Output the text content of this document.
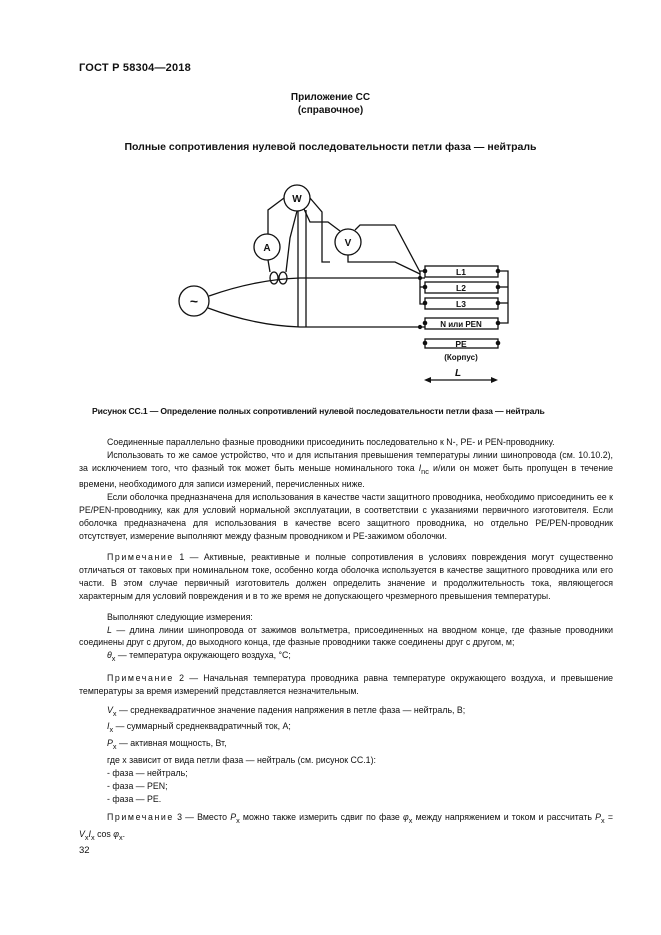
ГОСТ Р 58304—2018
Приложение СС
(справочное)
Полные сопротивления нулевой последовательности петли фаза — нейтраль
W
A	V
~
L1
L2
L3
N или PEN
PE
(Корпус)
L
Рисунок СС.1 — Определение полных сопротивлений нулевой последовательности петли фаза — нейтраль

Соединенные параллельно фазные проводники присоединить последовательно к N-, PE- и PEN-проводнику.

Использовать то же самое устройство, что и для испытания превышения температуры линии шинопровода (см. 10.10.2), за исключением того, что фазный ток может быть меньше номинального тока $I_{nc}$ и/или он может быть пропущен в течение времени, необходимого для записи измерений, перечисленных ниже.

Если оболочка предназначена для использования в качестве части защитного проводника, необходимо присоединить ее к PE/PEN-проводнику, как для условий нормальной эксплуатации, в соответствии с указаниями первичного изготовителя. Если оболочка предназначена для использования в качестве всего защитного проводника, но отдельно PE/PEN-проводник отсутствует, измерение выполняют между фазным проводником и PE-зажимом оболочки.

Примечание 1 — Активные, реактивные и полные сопротивления в условиях повреждения могут существенно отличаться от таковых при номинальном токе, особенно когда оболочка используется в качестве защитного проводника или его части. В этом случае первичный изготовитель должен определить значение и продолжительность тока, являющегося характерным для условий повреждения и в то же время не допускающего чрезмерного превышения температуры.

Выполняют следующие измерения:

L — длина линии шинопровода от зажимов вольтметра, присоединенных на вводном конце, где фазные проводники соединены друг с другом, до выходного конца, где фазные проводники также соединены друг с другом, м;

$\theta_x$ — температура окружающего воздуха, °C;

Примечание 2 — Начальная температура проводника равна температуре окружающего воздуха, и превышение температуры за время измерений представляется незначительным.

$V_x$ — среднеквадратичное значение падения напряжения в петле фаза — нейтраль, В;

$I_x$ — суммарный среднеквадратичный ток, А;

$P_x$ — активная мощность, Вт,

где x зависит от вида петли фаза — нейтраль (см. рисунок СС.1):

- фаза — нейтраль;

- фаза — PEN;

- фаза — PE.

Примечание 3 — Вместо $P_x$ можно также измерить сдвиг по фазе $\varphi_x$ между напряжением и током и рассчитать $P_x = V_xI_x$ $\cos \varphi_x$.

32
